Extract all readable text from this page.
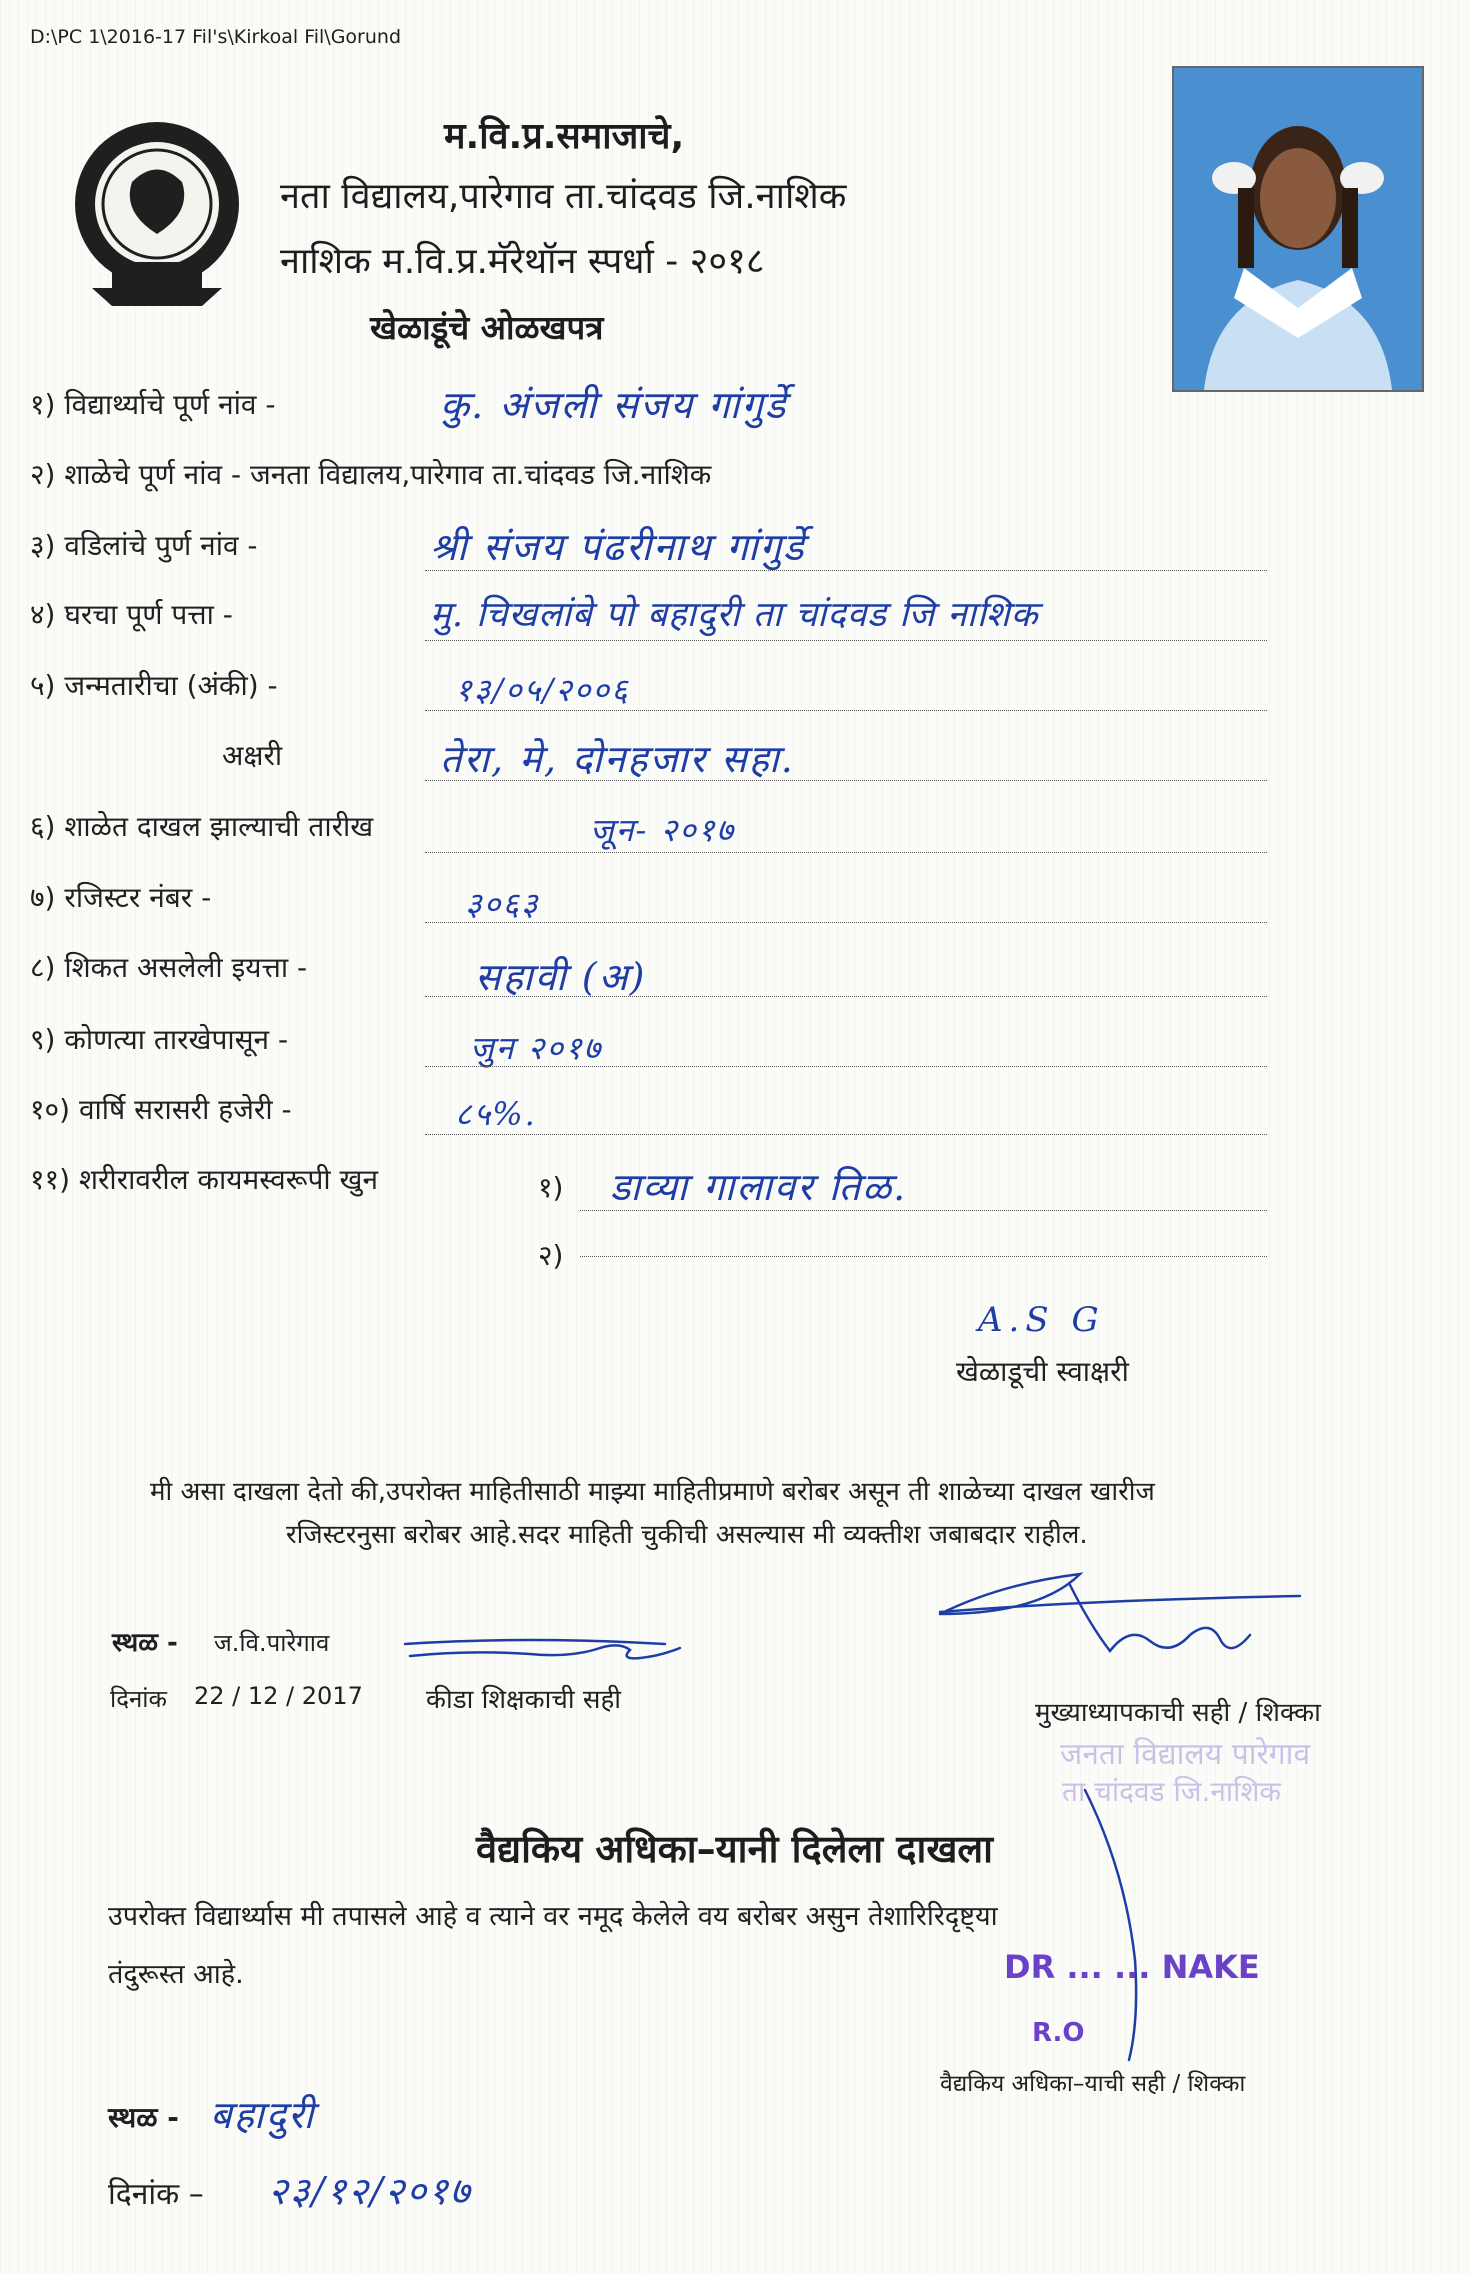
D:\PC 1\2016-17 Fil's\Kirkoal Fil\Gorund
म.वि.प्र.समाजाचे,
नता विद्यालय,पारेगाव ता.चांदवड जि.नाशिक
नाशिक म.वि.प्र.मॅरेथॉन स्पर्धा - २०१८
खेळाडूंचे ओळखपत्र
१) विद्यार्थ्याचे पूर्ण नांव -	कु. अंजली संजय गांगुर्डे
२) शाळेचे पूर्ण नांव - जनता विद्यालय,पारेगाव ता.चांदवड जि.नाशिक
३) वडिलांचे पुर्ण नांव -	श्री संजय पंढरीनाथ गांगुर्डे
४) घरचा पूर्ण पत्ता -	मु. चिखलांबे पो बहादुरी ता चांदवड जि नाशिक
५) जन्मतारीचा (अंकी) -	१३/०५/२००६
अक्षरी	तेरा, मे, दोनहजार सहा.
६) शाळेत दाखल झाल्याची तारीख	जून- २०१७
७) रजिस्टर नंबर -	३०६३
८) शिकत असलेली इयत्ता -	सहावी (अ)
९) कोणत्या तारखेपासून -	जुन २०१७
१०) वार्षि सरासरी हजेरी -	८५%.
११) शरीरावरील कायमस्वरूपी खुन	१) डाव्या गालावर तिळ.
२)
A.S G
खेळाडूची स्वाक्षरी
मी असा दाखला देतो की,उपरोक्त माहितीसाठी माझ्या माहितीप्रमाणे बरोबर असून ती शाळेच्या दाखल खारीज
रजिस्टरनुसा बरोबर आहे.सदर माहिती चुकीची असल्यास मी व्यक्तीश जबाबदार राहील.
स्थळ - ज.वि.पारेगाव
दिनांक 22 / 12 / 2017 कीडा शिक्षकाची सही	मुख्याध्यापकाची सही / शिक्का
जनता विद्यालय पारेगाव
ता.चांदवड जि.नाशिक
वैद्यकिय अधिका–यानी दिलेला दाखला
उपरोक्त विद्यार्थ्यास मी तपासले आहे व त्याने वर नमूद केलेले वय बरोबर असुन तेशारिरिदृष्ट्या
तंदुरूस्त आहे.	DR ... ... NAKE
R.O
वैद्यकिय अधिका–याची सही / शिक्का
स्थळ - बहादुरी
दिनांक – २३/१२/२०१७
